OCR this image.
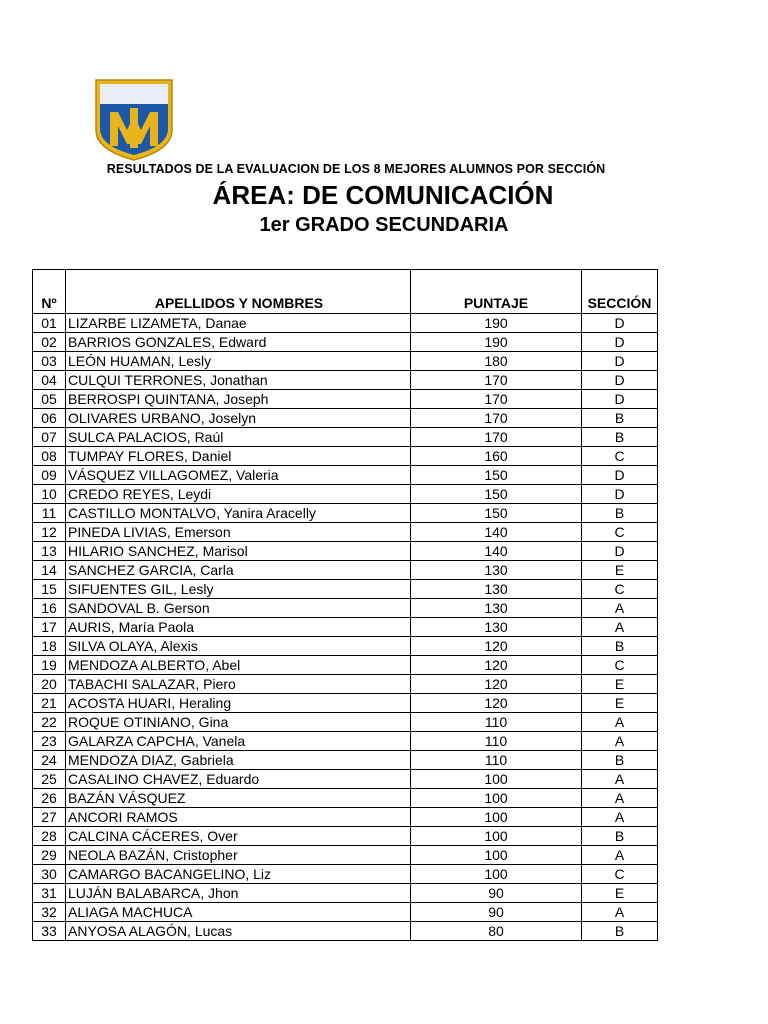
RESULTADOS DE LA EVALUACION DE LOS 8 MEJORES ALUMNOS POR SECCIÓN
ÁREA: DE COMUNICACIÓN
1er GRADO SECUNDARIA
Nº	APELLIDOS Y NOMBRES	PUNTAJE	SECCIÓN
01	LIZARBE LIZAMETA, Danae	190	D
02	BARRIOS GONZALES, Edward	190	D
03	LEÓN HUAMAN, Lesly	180	D
04	CULQUI TERRONES, Jonathan	170	D
05	BERROSPI QUINTANA, Joseph	170	D
06	OLIVARES URBANO, Joselyn	170	B
07	SULCA PALACIOS, Raúl	170	B
08	TUMPAY FLORES, Daniel	160	C
09	VÁSQUEZ VILLAGOMEZ, Valeria	150	D
10	CREDO REYES, Leydi	150	D
11	CASTILLO MONTALVO, Yanira Aracelly	150	B
12	PINEDA LIVIAS, Emerson	140	C
13	HILARIO SANCHEZ, Marisol	140	D
14	SANCHEZ GARCIA, Carla	130	E
15	SIFUENTES GIL, Lesly	130	C
16	SANDOVAL B. Gerson	130	A
17	AURIS, María Paola	130	A
18	SILVA OLAYA, Alexis	120	B
19	MENDOZA ALBERTO, Abel	120	C
20	TABACHI SALAZAR, Piero	120	E
21	ACOSTA HUARI, Heraling	120	E
22	ROQUE OTINIANO, Gina	110	A
23	GALARZA CAPCHA, Vanela	110	A
24	MENDOZA DIAZ, Gabriela	110	B
25	CASALINO CHAVEZ, Eduardo	100	A
26	BAZÁN VÁSQUEZ	100	A
27	ANCORI RAMOS	100	A
28	CALCINA CÁCERES, Over	100	B
29	NEOLA BAZÁN, Cristopher	100	A
30	CAMARGO BACANGELINO, Liz	100	C
31	LUJÁN BALABARCA, Jhon	90	E
32	ALIAGA MACHUCA	90	A
33	ANYOSA ALAGÓN, Lucas	80	B
